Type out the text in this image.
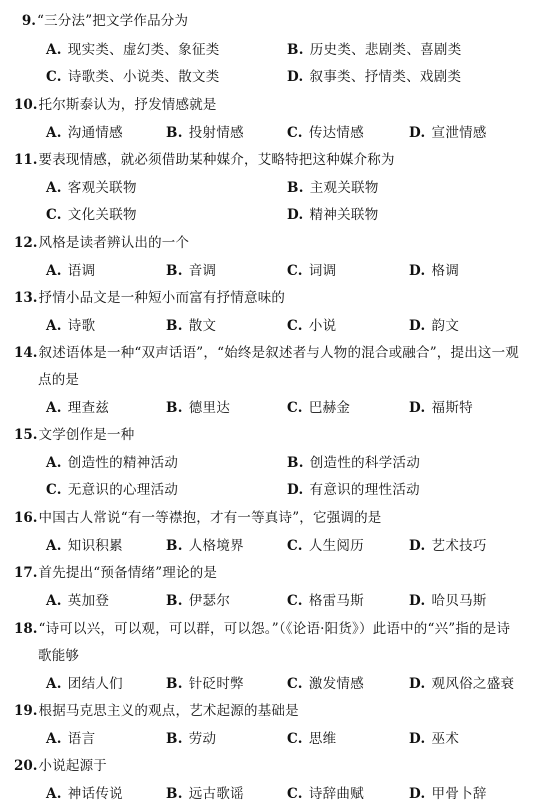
9.“三分法”把文学作品分为
A. 现实类、虚幻类、象征类	B. 历史类、悲剧类、喜剧类
C. 诗歌类、小说类、散文类	D. 叙事类、抒情类、戏剧类
10.托尔斯泰认为，抒发情感就是
A. 沟通情感	B. 投射情感	C. 传达情感	D. 宣泄情感
11.要表现情感，就必须借助某种媒介，艾略特把这种媒介称为
A. 客观关联物	B. 主观关联物
C. 文化关联物	D. 精神关联物
12.风格是读者辨认出的一个
A. 语调	B. 音调	C. 词调	D. 格调
13.抒情小品文是一种短小而富有抒情意味的
A. 诗歌	B. 散文	C. 小说	D. 韵文
14.叙述语体是一种“双声话语”，“始终是叙述者与人物的混合或融合”，提出这一观
点的是
A. 理查兹	B. 德里达	C. 巴赫金	D. 福斯特
15.文学创作是一种
A. 创造性的精神活动	B. 创造性的科学活动
C. 无意识的心理活动	D. 有意识的理性活动
16.中国古人常说“有一等襟抱，才有一等真诗”，它强调的是
A. 知识积累	B. 人格境界	C. 人生阅历	D. 艺术技巧
17.首先提出“预备情绪”理论的是
A. 英加登	B. 伊瑟尔	C. 格雷马斯	D. 哈贝马斯
18.“诗可以兴，可以观，可以群，可以怨。”（《论语·阳货》）此语中的“兴”指的是诗
歌能够
A. 团结人们	B. 针砭时弊	C. 激发情感	D. 观风俗之盛衰
19.根据马克思主义的观点，艺术起源的基础是
A. 语言	B. 劳动	C. 思维	D. 巫术
20.小说起源于
A. 神话传说	B. 远古歌谣	C. 诗辞曲赋	D. 甲骨卜辞
